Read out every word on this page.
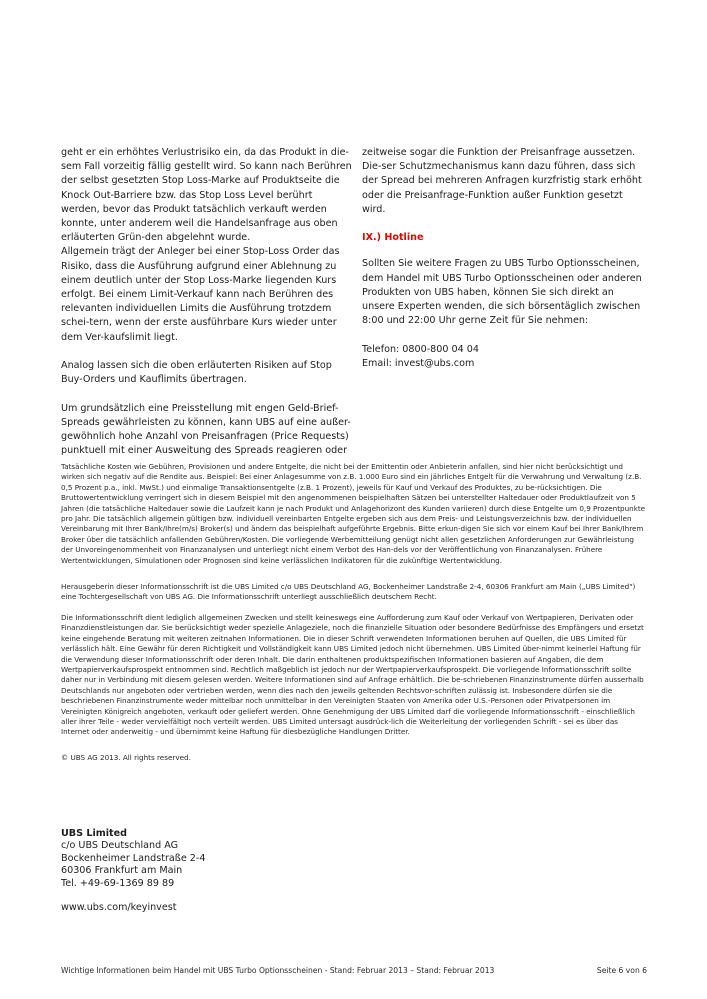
geht er ein erhöhtes Verlustrisiko ein, da das Produkt in die-sem Fall vorzeitig fällig gestellt wird. So kann nach Berühren der selbst gesetzten Stop Loss-Marke auf Produktseite die Knock Out-Barriere bzw. das Stop Loss Level berührt werden, bevor das Produkt tatsächlich verkauft werden konnte, unter anderem weil die Handelsanfrage aus oben erläuterten Grün-den abgelehnt wurde.

Allgemein trägt der Anleger bei einer Stop-Loss Order das Risiko, dass die Ausführung aufgrund einer Ablehnung zu einem deutlich unter der Stop Loss-Marke liegenden Kurs erfolgt. Bei einem Limit-Verkauf kann nach Berühren des relevanten individuellen Limits die Ausführung trotzdem schei-tern, wenn der erste ausführbare Kurs wieder unter dem Ver-kaufslimit liegt.

Analog lassen sich die oben erläuterten Risiken auf Stop Buy-Orders und Kauflimits übertragen.

Um grundsätzlich eine Preisstellung mit engen Geld-Brief-Spreads gewährleisten zu können, kann UBS auf eine außer-gewöhnlich hohe Anzahl von Preisanfragen (Price Requests) punktuell mit einer Ausweitung des Spreads reagieren oder

zeitweise sogar die Funktion der Preisanfrage aussetzen. Die-ser Schutzmechanismus kann dazu führen, dass sich der Spread bei mehreren Anfragen kurzfristig stark erhöht oder die Preisanfrage-Funktion außer Funktion gesetzt wird.

IX.) Hotline

Sollten Sie weitere Fragen zu UBS Turbo Optionsscheinen, dem Handel mit UBS Turbo Optionsscheinen oder anderen Produkten von UBS haben, können Sie sich direkt an unsere Experten wenden, die sich börsentäglich zwischen 8:00 und 22:00 Uhr gerne Zeit für Sie nehmen:

Telefon: 0800-800 04 04

Email: invest@ubs.com

Tatsächliche Kosten wie Gebühren, Provisionen und andere Entgelte, die nicht bei der Emittentin oder Anbieterin anfallen, sind hier nicht berücksichtigt und wirken sich negativ auf die Rendite aus. Beispiel: Bei einer Anlagesumme von z.B. 1.000 Euro sind ein jährliches Entgelt für die Verwahrung und Verwaltung (z.B. 0,5 Prozent p.a., inkl. MwSt.) und einmalige Transaktionsentgelte (z.B. 1 Prozent), jeweils für Kauf und Verkauf des Produktes, zu be-rücksichtigen. Die Bruttowertentwicklung verringert sich in diesem Beispiel mit den angenommenen beispielhaften Sätzen bei unterstellter Haltedauer oder Produktlaufzeit von 5 Jahren (die tatsächliche Haltedauer sowie die Laufzeit kann je nach Produkt und Anlagehorizont des Kunden variieren) durch diese Entgelte um 0,9 Prozentpunkte pro Jahr. Die tatsächlich allgemein gültigen bzw. individuell vereinbarten Entgelte ergeben sich aus dem Preis- und Leistungsverzeichnis bzw. der individuellen Vereinbarung mit Ihrer Bank/Ihre(m/s) Broker(s) und ändern das beispielhaft aufgeführte Ergebnis. Bitte erkun-digen Sie sich vor einem Kauf bei Ihrer Bank/Ihrem Broker über die tatsächlich anfallenden Gebühren/Kosten. Die vorliegende Werbemitteilung genügt nicht allen gesetzlichen Anforderungen zur Gewährleistung der Unvoreingenommenheit von Finanzanalysen und unterliegt nicht einem Verbot des Han-dels vor der Veröffentlichung von Finanzanalysen. Frühere Wertentwicklungen, Simulationen oder Prognosen sind keine verlässlichen Indikatoren für die zukünftige Wertentwicklung.

Herausgeberin dieser Informationsschrift ist die UBS Limited c/o UBS Deutschland AG, Bockenheimer Landstraße 2-4, 60306 Frankfurt am Main („UBS Limited") eine Tochtergesellschaft von UBS AG. Die Informationsschrift unterliegt ausschließlich deutschem Recht.

Die Informationsschrift dient lediglich allgemeinen Zwecken und stellt keineswegs eine Aufforderung zum Kauf oder Verkauf von Wertpapieren, Derivaten oder Finanzdienstleistungen dar. Sie berücksichtigt weder spezielle Anlageziele, noch die finanzielle Situation oder besondere Bedürfnisse des Empfängers und ersetzt keine eingehende Beratung mit weiteren zeitnahen Informationen. Die in dieser Schrift verwendeten Informationen beruhen auf Quellen, die UBS Limited für verlässlich hält. Eine Gewähr für deren Richtigkeit und Vollständigkeit kann UBS Limited jedoch nicht übernehmen. UBS Limited über-nimmt keinerlei Haftung für die Verwendung dieser Informationsschrift oder deren Inhalt. Die darin enthaltenen produktspezifischen Informationen basieren auf Angaben, die dem Wertpapierverkaufsprospekt entnommen sind. Rechtlich maßgeblich ist jedoch nur der Wertpapierverkaufsprospekt. Die vorliegende Informationsschrift sollte daher nur in Verbindung mit diesem gelesen werden. Weitere Informationen sind auf Anfrage erhältlich. Die be-schriebenen Finanzinstrumente dürfen ausserhalb Deutschlands nur angeboten oder vertrieben werden, wenn dies nach den jeweils geltenden Rechtsvor-schriften zulässig ist. Insbesondere dürfen sie die beschriebenen Finanzinstrumente weder mittelbar noch unmittelbar in den Vereinigten Staaten von Amerika oder U.S.-Personen oder Privatpersonen im Vereinigten Königreich angeboten, verkauft oder geliefert werden. Ohne Genehmigung der UBS Limited darf die vorliegende Informationsschrift - einschließlich aller ihrer Teile - weder vervielfältigt noch verteilt werden. UBS Limited untersagt ausdrück-lich die Weiterleitung der vorliegenden Schrift - sei es über das Internet oder anderweitig - und übernimmt keine Haftung für diesbezügliche Handlungen Dritter.

© UBS AG 2013. All rights reserved.

UBS Limited
c/o UBS Deutschland AG
Bockenheimer Landstraße 2-4
60306 Frankfurt am Main
Tel. +49-69-1369 89 89
www.ubs.com/keyinvest
Wichtige Informationen beim Handel mit UBS Turbo Optionsscheinen - Stand: Februar 2013 – Stand: Februar 2013	Seite 6 von 6
